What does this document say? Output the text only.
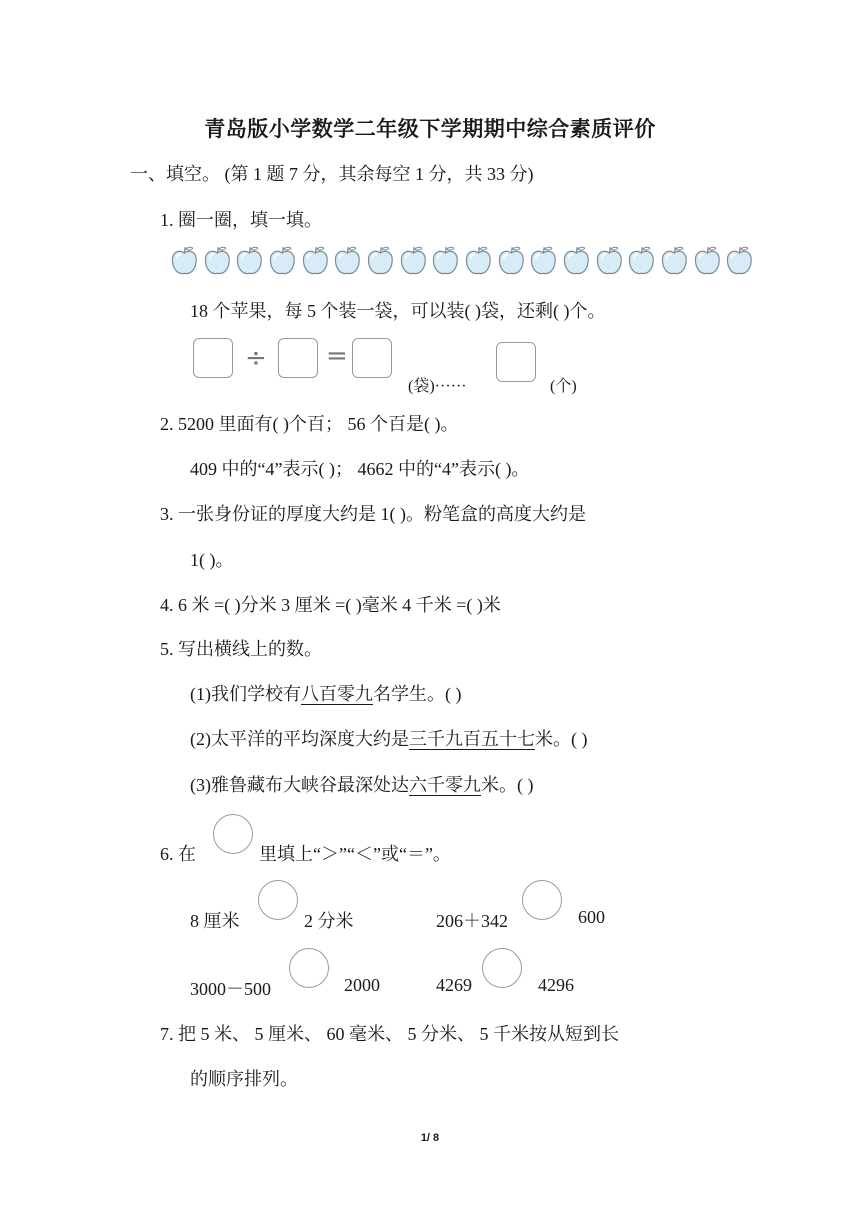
青岛版小学数学二年级下学期期中综合素质评价
一、填空。 (第 1 题 7 分，其余每空 1 分，共 33 分)
1. 圈一圈，填一填。
18 个苹果，每 5 个装一袋，可以装( )袋，还剩( )个。
÷ =
(袋)······	(个)
2. 5200 里面有( )个百； 56 个百是( )。
409 中的“4”表示( )； 4662 中的“4”表示( )。
3. 一张身份证的厚度大约是 1( )。粉笔盒的高度大约是
1( )。
4. 6 米 =( )分米 3 厘米 =( )毫米 4 千米 =( )米
5. 写出横线上的数。
(1)我们学校有八百零九名学生。( )
(2)太平洋的平均深度大约是三千九百五十七米。( )
(3)雅鲁藏布大峡谷最深处达六千零九米。( )
6. 在	里填上“＞”“＜”或“＝”。
8 厘米	2 分米	206＋342	600
3000－500	2000	4269	4296
7. 把 5 米、 5 厘米、 60 毫米、 5 分米、 5 千米按从短到长
的顺序排列。
1/ 8
